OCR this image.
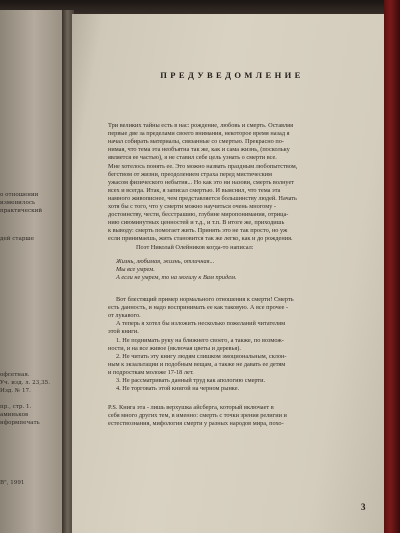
о отношении
изменилось
практический
дей старше
офсетная.
Уч. изд. л. 23,35.
Изд. № 17.
пр., стр. 1.
аминьков
нформпечать
В", 1991
ПРЕДУВЕДОМЛЕНИЕ
Три великих тайны есть в нас: рождение, любовь и смерть. Оставляя
первые две за пределами своего внимания, некоторое время назад я
начал собирать материалы, связанные со смертью. Прекрасно по-
нимая, что тема эта необъятна так же, как и сама жизнь, (поскольку
является ее частью), я не ставил себе цель узнать о смерти все.
Мне хотелось понять ее. Это можно назвать праздным любопытством,
бегством от жизни, преодолением страха перед мистическим
ужасом физического небытия... Но как это ни назови, смерть волнует
всех и всегда. Итак, я записал смертью. И выяснил, что тема эта
намного живописнее, чем представляется большинству людей. Начать
хотя бы с того, что у смерти можно научиться очень многому -
достоинству, чести, бесстрашию, глубине миропонимания, отрица-
нию сиюминутных ценностей и т.д., и т.п. В итоге же, приходишь
к выводу: смерть помогает жить. Принять это не так просто, но уж
если принимаешь, жить становится так же легко, как и до рождения.
Поэт Николай Олейников когда-то написал:
Жизнь, любимая, жизнь, отличная...
Мы все умрем.
А если не умрем, то на могилу к Вам придем.
Вот блестящий пример нормального отношения к смерти! Смерть
есть данность, и надо воспринимать ее как таковую. А все прочее -
от лукавого.
А теперь я хотел бы изложить несколько пожеланий читателям
этой книги.
1. Не поднимать руку на ближнего своего, а также, по возмож-
ности, и на все живое (включая цветы и деревья).
2. Не читать эту книгу людям слишком эмоциональным, склон-
ным к экзальтации и подобным вещам, а также не давать ее детям
и подросткам моложе 17-18 лет.
3. Не рассматривать данный труд как апологию смерти.
4. Не торговать этой книгой на черном рынке.
P.S. Книга эта - лишь верхушка айсберга, который включает в
себя много других тем, в именно: смерть с точки зрения религии и
естествознания, мифология смерти у разных народов мира, похо-
3
